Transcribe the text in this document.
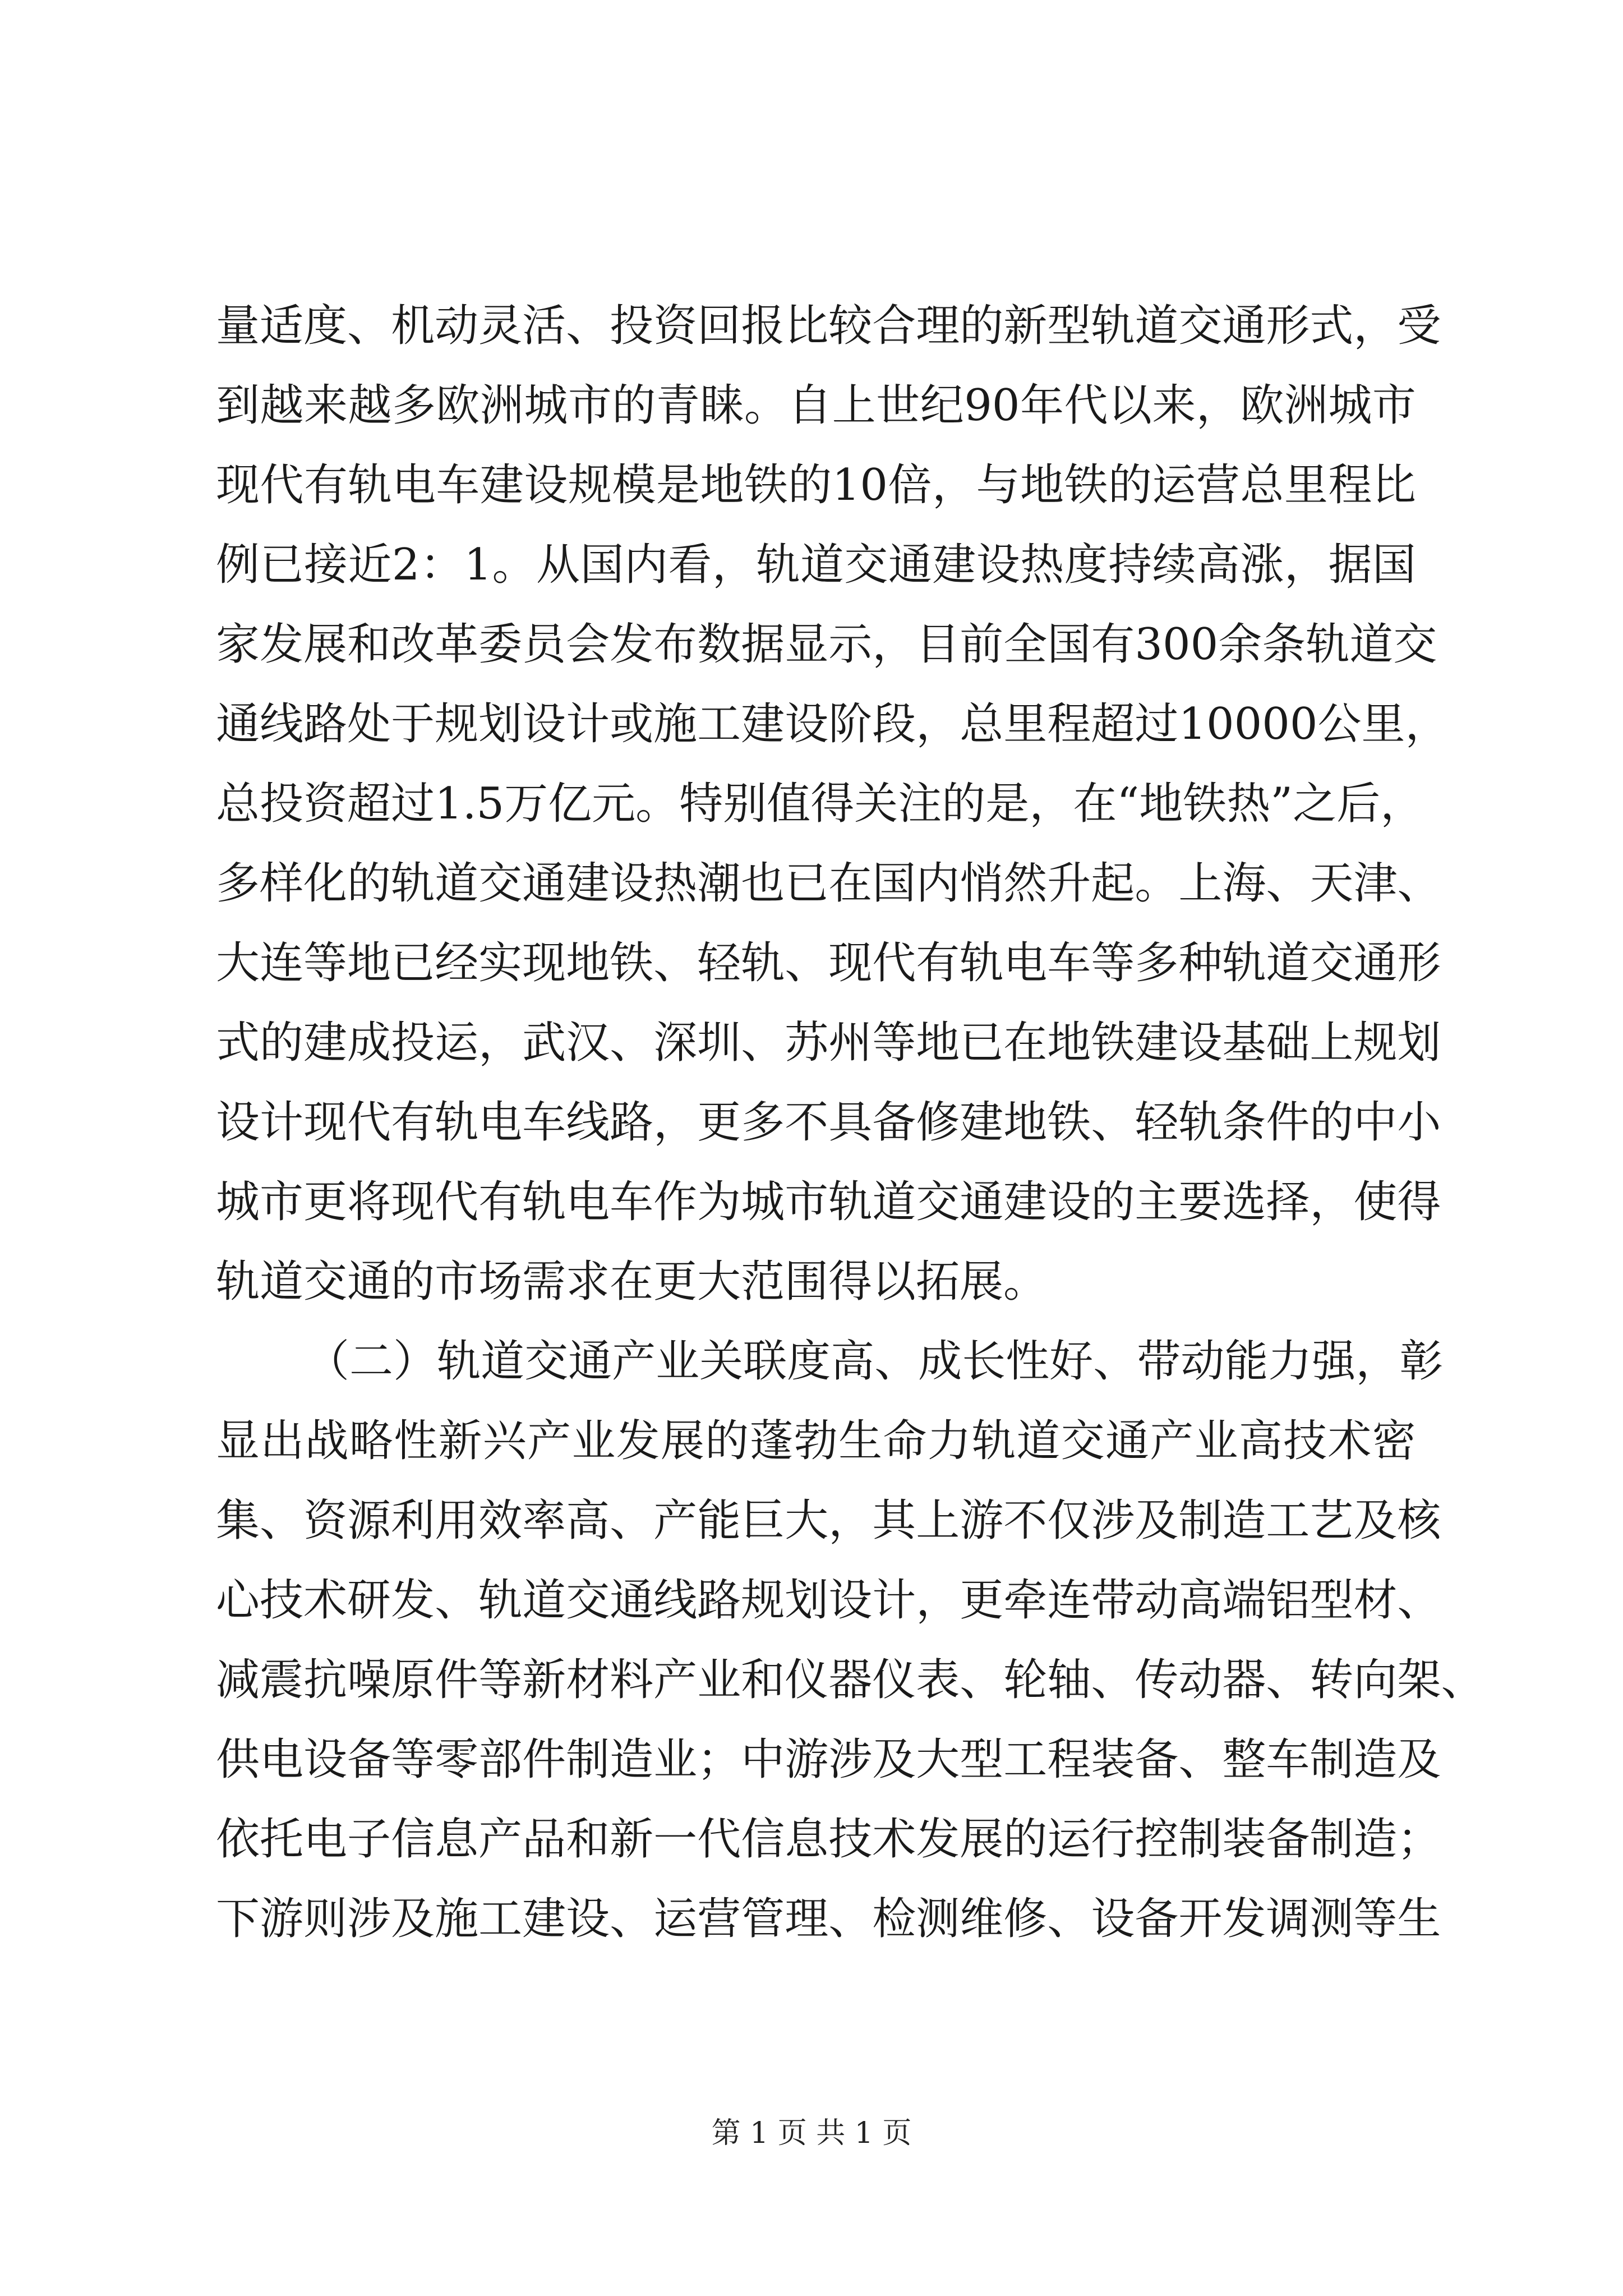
量 适 度 、 机 动 灵 活 、 投 资 回 报 比 较 合 理 的 新 型 轨 道 交 通 形 式 ， 受
到 越 来 越 多 欧 洲 城 市 的 青 睐 。 自 上 世 纪 90 年 代 以 来 ， 欧 洲 城 市
现 代 有 轨 电 车 建 设 规 模 是 地 铁 的 10 倍 ， 与 地 铁 的 运 营 总 里 程 比
例 已 接 近 2 ： 1 。 从 国 内 看 ， 轨 道 交 通 建 设 热 度 持 续 高 涨 ， 据 国
家 发 展 和 改 革 委 员 会 发 布 数 据 显 示 ， 目 前 全 国 有 300 余 条 轨 道 交
通 线 路 处 于 规 划 设 计 或 施 工 建 设 阶 段 ， 总 里 程 超 过 10000 公 里 ，
总 投 资 超 过 1.5 万 亿 元 。 特 别 值 得 关 注 的 是 ， 在 “ 地 铁 热 ” 之 后 ，
多 样 化 的 轨 道 交 通 建 设 热 潮 也 已 在 国 内 悄 然 升 起 。 上 海 、 天 津 、
大 连 等 地 已 经 实 现 地 铁 、 轻 轨 、 现 代 有 轨 电 车 等 多 种 轨 道 交 通 形
式 的 建 成 投 运 ， 武 汉 、 深 圳 、 苏 州 等 地 已 在 地 铁 建 设 基 础 上 规 划
设 计 现 代 有 轨 电 车 线 路 ， 更 多 不 具 备 修 建 地 铁 、 轻 轨 条 件 的 中 小
城 市 更 将 现 代 有 轨 电 车 作 为 城 市 轨 道 交 通 建 设 的 主 要 选 择 ， 使 得
轨道交通的市场需求在更大范围得以拓展。
（ 二 ） 轨 道 交 通 产 业 关 联 度 高 、 成 长 性 好 、 带 动 能 力 强 ， 彰
显 出 战 略 性 新 兴 产 业 发 展 的 蓬 勃 生 命 力 轨 道 交 通 产 业 高 技 术 密
集 、 资 源 利 用 效 率 高 、 产 能 巨 大 ， 其 上 游 不 仅 涉 及 制 造 工 艺 及 核
心 技 术 研 发 、 轨 道 交 通 线 路 规 划 设 计 ， 更 牵 连 带 动 高 端 铝 型 材 、
减 震 抗 噪 原 件 等 新 材 料 产 业 和 仪 器 仪 表 、 轮 轴 、 传 动 器 、 转 向 架 、
供 电 设 备 等 零 部 件 制 造 业 ； 中 游 涉 及 大 型 工 程 装 备 、 整 车 制 造 及
依 托 电 子 信 息 产 品 和 新 一 代 信 息 技 术 发 展 的 运 行 控 制 装 备 制 造 ；
下 游 则 涉 及 施 工 建 设 、 运 营 管 理 、 检 测 维 修 、 设 备 开 发 调 测 等 生
第 1 页 共 1 页
